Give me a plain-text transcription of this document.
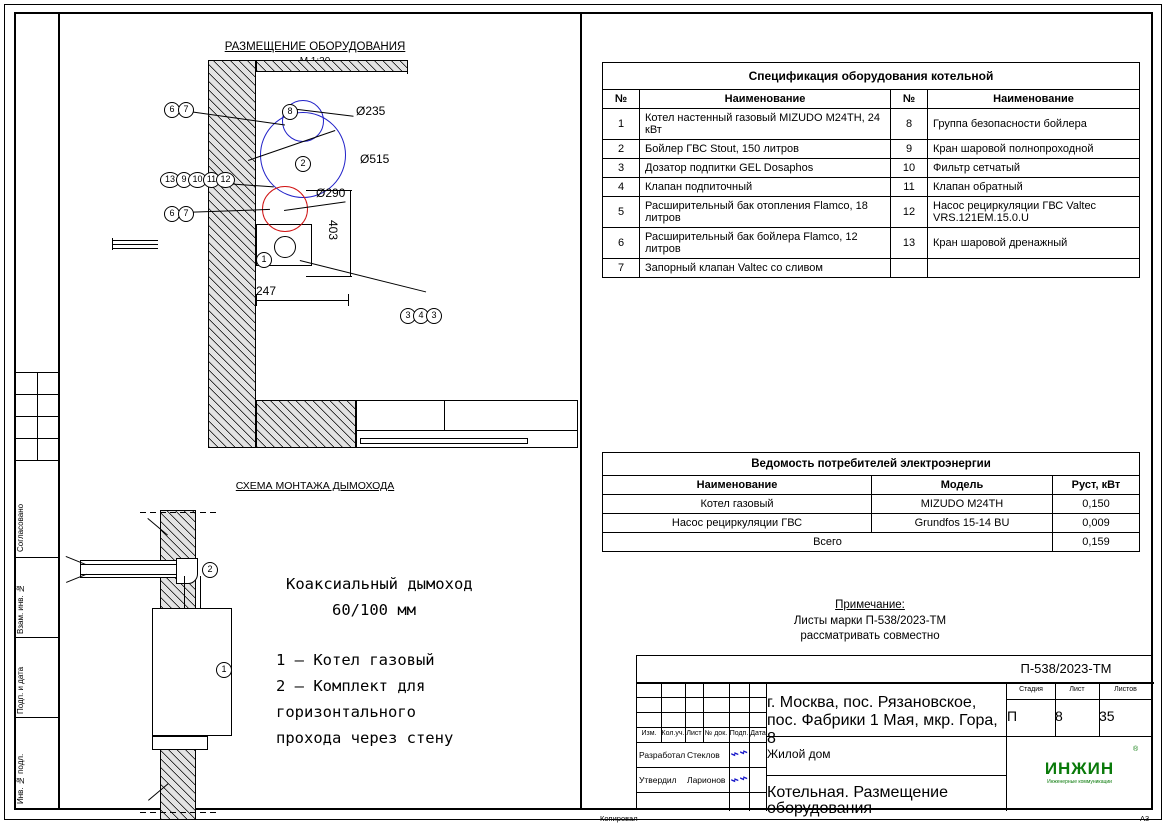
Согласовано
Взам. инв. №
Подп. и дата
Инв. № подл.
РАЗМЕЩЕНИЕ ОБОРУДОВАНИЯ
Ø235
Ø515
Ø290
403
247
6 7	8
2
13 9 10 11 12
6 7
1
3 4 3
СХЕМА МОНТАЖА ДЫМОХОДА
2
1
Коаксиальный дымоход
60/100 мм
1 — Котел газовый
2 — Комплект для
горизонтального
прохода через стену
Спецификация оборудования котельной			
№	Наименование	№	Наименование
1	Котел настенный газовый MIZUDO M24TH, 24 кВт	8	Группа безопасности бойлера
2	Бойлер ГВС Stout, 150 литров	9	Кран шаровой полнопроходной
3	Дозатор подпитки GEL Dosaphos	10	Фильтр сетчатый
4	Клапан подпиточный	11	Клапан обратный
5	Расширительный бак отопления Flamco, 18 литров	12	Насос рециркуляции ГВС Valtec VRS.121EM.15.0.U
6	Расширительный бак бойлера Flamco, 12 литров	13	Кран шаровой дренажный
7	Запорный клапан Valtec со сливом		
Ведомость потребителей электроэнергии		
Наименование	Модель	Руст, кВт
Котел газовый	MIZUDO M24TH	0,150
Насос рециркуляции ГВС	Grundfos 15-14 BU	0,009
Всего		0,159
Примечание:
Листы марки П-538/2023-ТМ
рассматривать совместно
П-538/2023-ТМ
Изм. Кол.уч. Лист № док. Подп. Дата
Разработал Стеклов
Утвердил Ларионов
⌁⌁
⌁⌁
г. Москва, пос. Рязановское,
пос. Фабрики 1 Мая, мкр. Гора, 8
Жилой дом
Котельная. Размещение
оборудования
Стадия	Лист	Листов
П	8	35
ИНЖИН
Инженерные коммуникации
®
Копировал	А3
